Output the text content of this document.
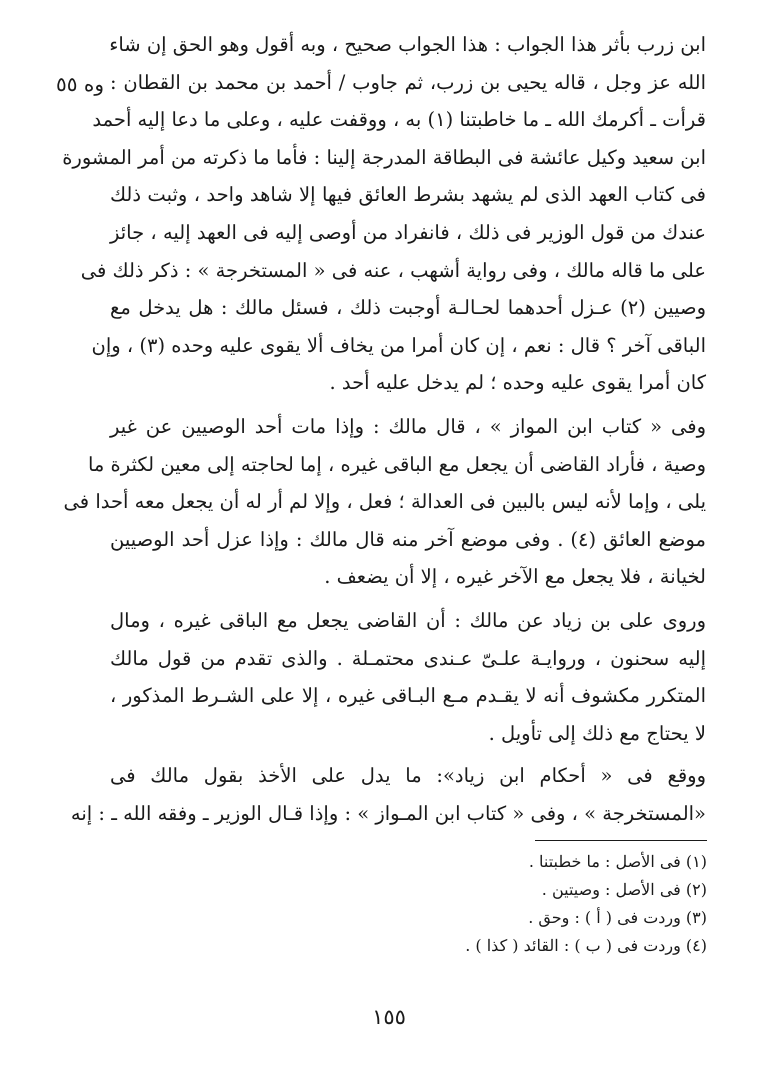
وه ٥٥
ابن زرب بأثر هذا الجواب : هذا الجواب صحيح ، وبه أقول وهو الحق إن شاء
الله عز وجل ، قاله يحيى بن زرب، ثم جاوب / أحمد بن محمد بن القطان :
قرأت ـ أكرمك الله ـ ما خاطبتنا (١) به ، ووقفت عليه ، وعلى ما دعا إليه أحمد
ابن سعيد وكيل عائشة فى البطاقة المدرجة إلينا : فأما ما ذكرته من أمر المشورة
فى كتاب العهد الذى لم يشهد بشرط العائق فيها إلا شاهد واحد ، وثبت ذلك
عندك من قول الوزير فى ذلك ، فانفراد من أوصى إليه فى العهد إليه ، جائز
على ما قاله مالك ، وفى رواية أشهب ، عنه فى « المستخرجة » : ذكر ذلك فى
وصيين (٢) عـزل أحدهما لحـالـة أوجبت ذلك ، فسئل مالك : هل يدخل مع
الباقى آخر ؟ قال : نعم ، إن كان أمرا من يخاف ألا يقوى عليه وحده (٣) ، وإن
كان أمرا يقوى عليه وحده ؛ لم يدخل عليه أحد .
وفى « كتاب ابن المواز » ، قال مالك : وإذا مات أحد الوصيين عن غير
وصية ، فأراد القاضى أن يجعل مع الباقى غيره ، إما لحاجته إلى معين لكثرة ما
يلى ، وإما لأنه ليس بالبين فى العدالة ؛ فعل ، وإلا لم أر له أن يجعل معه أحدا فى
موضع العائق (٤) . وفى موضع آخر منه قال مالك : وإذا عزل أحد الوصيين
لخيانة ، فلا يجعل مع الآخر غيره ، إلا أن يضعف .
وروى على بن زياد عن مالك : أن القاضى يجعل مع الباقى غيره ، ومال
إليه سحنون ، وروايـة علـىّ عـندى محتمـلة . والذى تقدم من قول مالك
المتكرر مكشوف أنه لا يقـدم مـع البـاقى غيره ، إلا على الشـرط المذكور ،
لا يحتاج مع ذلك إلى تأويل .
ووقع فى « أحكام ابن زياد»: ما يدل على الأخذ بقول مالك فى
«المستخرجة » ، وفى « كتاب ابن المـواز » : وإذا قـال الوزير ـ وفقه الله ـ : إنه
(١) فى الأصل : ما خطبتنا .
(٢) فى الأصل : وصيتين .
(٣) وردت فى ( أ ) : وحق .
(٤) وردت فى ( ب ) : القائد ( كذا ) .
١٥٥
